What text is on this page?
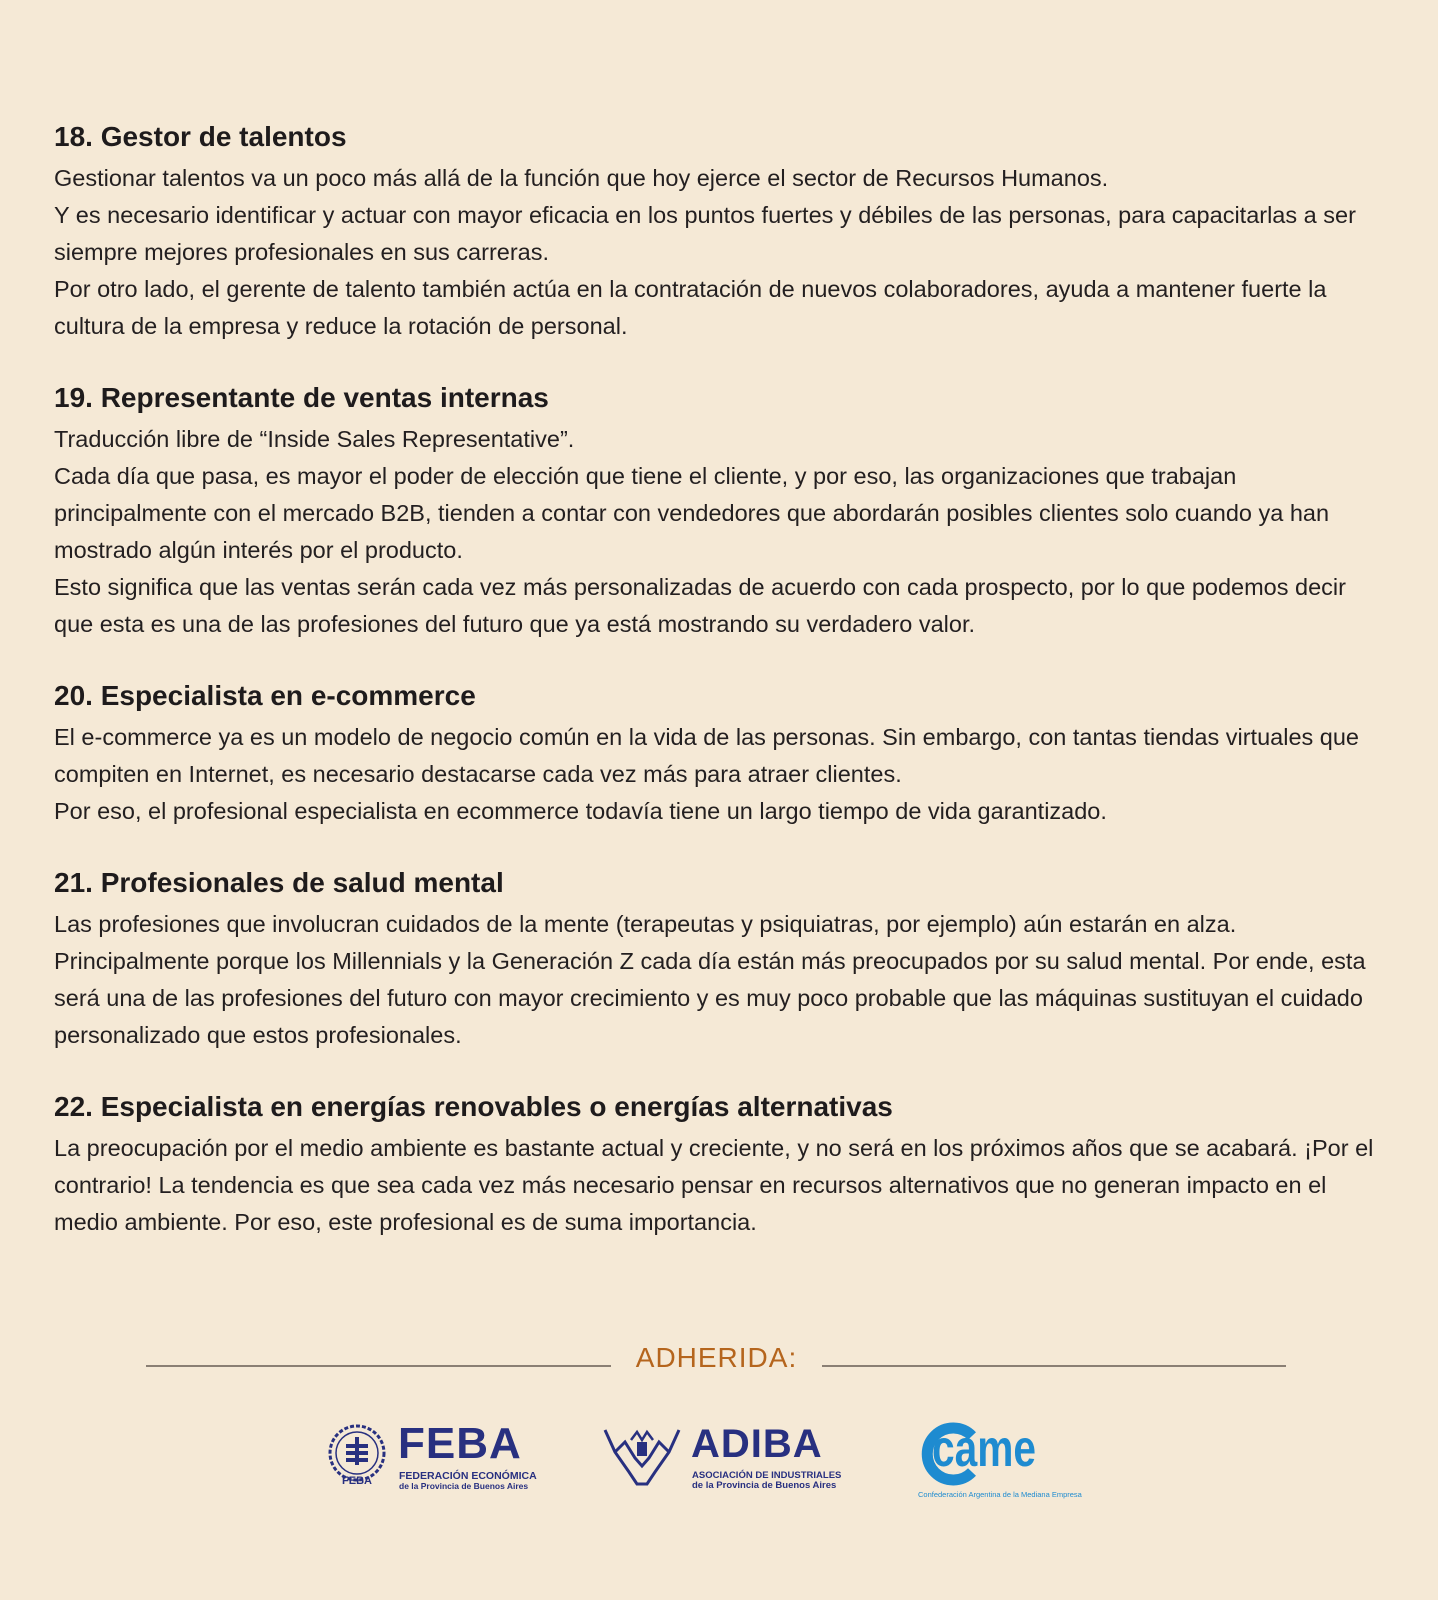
18. Gestor de talentos

Gestionar talentos va un poco más allá de la función que hoy ejerce el sector de Recursos Humanos.

Y es necesario identificar y actuar con mayor eficacia en los puntos fuertes y débiles de las personas, para capacitarlas a ser siempre mejores profesionales en sus carreras.

Por otro lado, el gerente de talento también actúa en la contratación de nuevos colaboradores, ayuda a mantener fuerte la cultura de la empresa y reduce la rotación de personal.

19. Representante de ventas internas

Traducción libre de “Inside Sales Representative”.

Cada día que pasa, es mayor el poder de elección que tiene el cliente, y por eso, las organizaciones que trabajan principalmente con el mercado B2B, tienden a contar con vendedores que abordarán posibles clientes solo cuando ya han mostrado algún interés por el producto.

Esto significa que las ventas serán cada vez más personalizadas de acuerdo con cada prospecto, por lo que podemos decir que esta es una de las profesiones del futuro que ya está mostrando su verdadero valor.

20. Especialista en e-commerce

El e-commerce ya es un modelo de negocio común en la vida de las personas. Sin embargo, con tantas tiendas virtuales que compiten en Internet, es necesario destacarse cada vez más para atraer clientes.

Por eso, el profesional especialista en ecommerce todavía tiene un largo tiempo de vida garantizado.

21. Profesionales de salud mental

Las profesiones que involucran cuidados de la mente (terapeutas y psiquiatras, por ejemplo) aún estarán en alza. Principalmente porque los Millennials y la Generación Z cada día están más preocupados por su salud mental. Por ende, esta será una de las profesiones del futuro con mayor crecimiento y es muy poco probable que las máquinas sustituyan el cuidado personalizado que estos profesionales.

22. Especialista en energías renovables o energías alternativas

La preocupación por el medio ambiente es bastante actual y creciente, y no será en los próximos años que se acabará. ¡Por el contrario! La tendencia es que sea cada vez más necesario pensar en recursos alternativos que no generan impacto en el medio ambiente. Por eso, este profesional es de suma importancia.

ADHERIDA:
FEBA
FEBA
FEDERACIÓN ECONÓMICA
de la Provincia de Buenos Aires
ADIBA
ASOCIACIÓN DE INDUSTRIALES
de la Provincia de Buenos Aires
came
Confederación Argentina de la Mediana Empresa
